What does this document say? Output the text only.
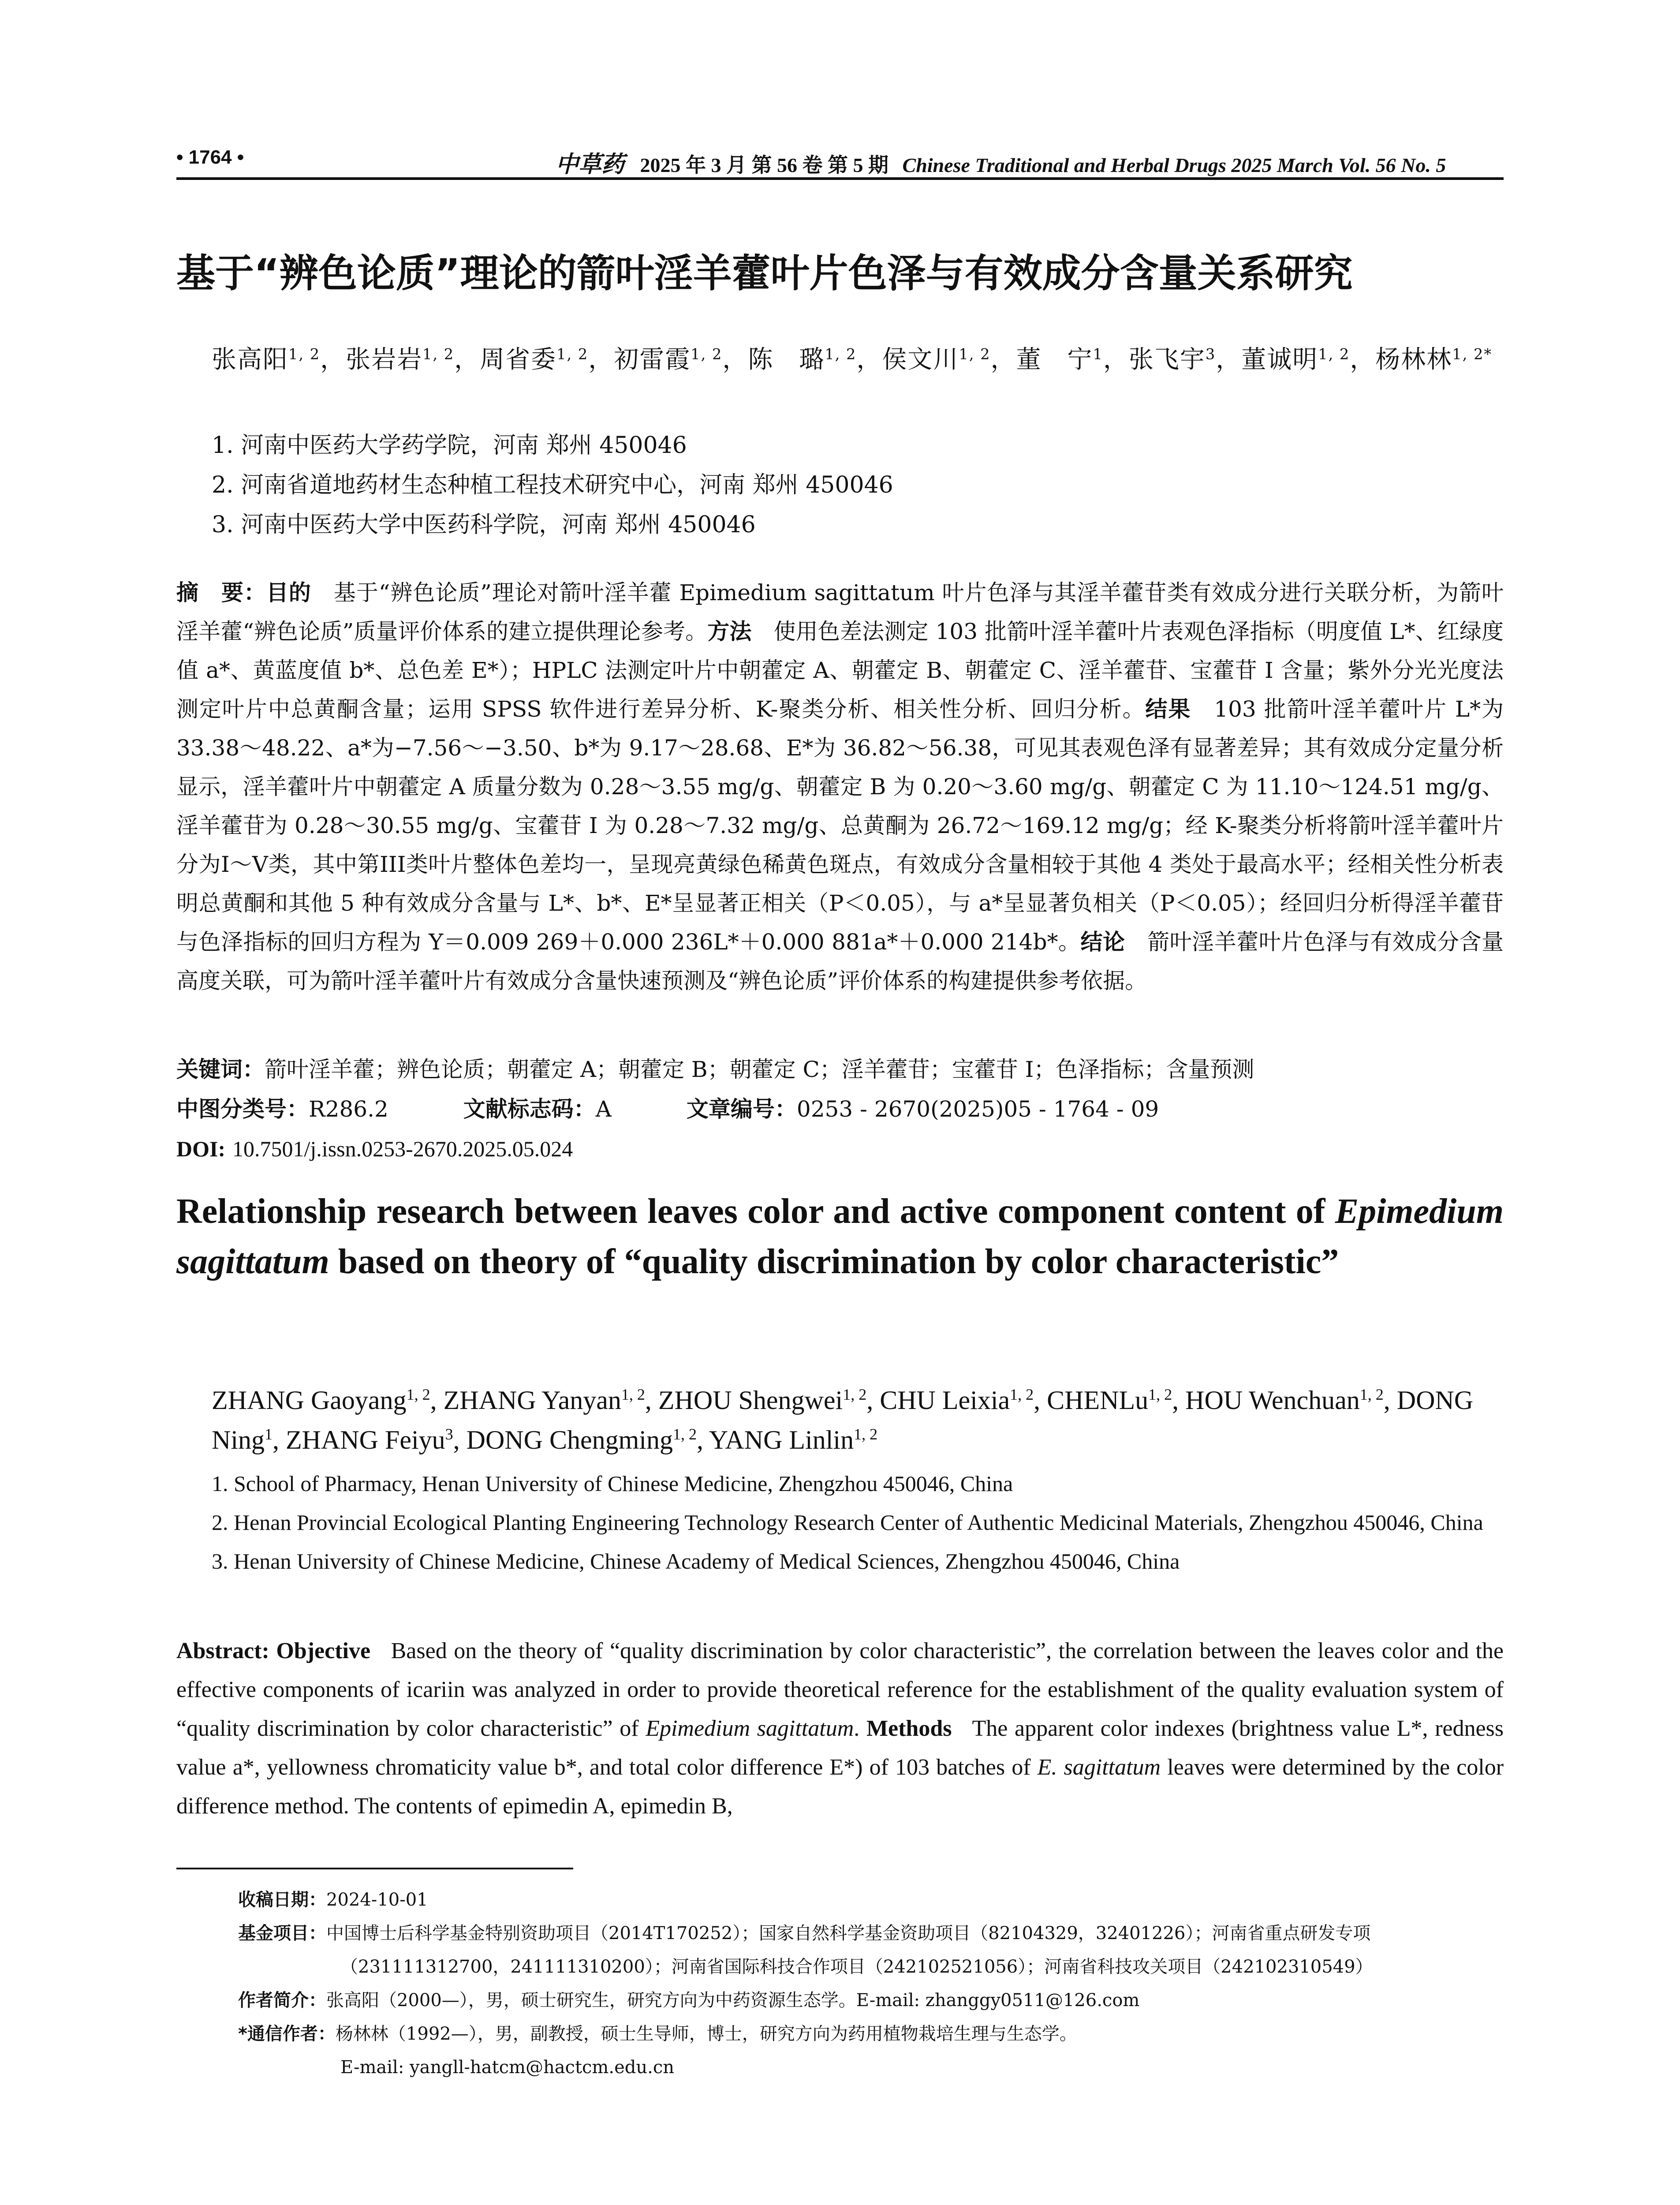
• 1764 •	中草药 2025 年 3 月 第 56 卷 第 5 期 Chinese Traditional and Herbal Drugs 2025 March Vol. 56 No. 5
基于“辨色论质”理论的箭叶淫羊藿叶片色泽与有效成分含量关系研究
张高阳$^{1, 2}$，张岩岩$^{1, 2}$，周省委$^{1, 2}$，初雷霞$^{1, 2}$，陈　璐$^{1, 2}$，侯文川$^{1, 2}$，董　宁$^1$，张飞宇$^3$，董诚明$^{1, 2}$，杨林林$^{1, 2*}$
1. 河南中医药大学药学院，河南 郑州 450046
2. 河南省道地药材生态种植工程技术研究中心，河南 郑州 450046
3. 河南中医药大学中医药科学院，河南 郑州 450046
摘　要：目的　基于“辨色论质”理论对箭叶淫羊藿 Epimedium sagittatum 叶片色泽与其淫羊藿苷类有效成分进行关联分析，为箭叶淫羊藿“辨色论质”质量评价体系的建立提供理论参考。方法　使用色差法测定 103 批箭叶淫羊藿叶片表观色泽指标（明度值 L*、红绿度值 a*、黄蓝度值 b*、总色差 E*）；HPLC 法测定叶片中朝藿定 A、朝藿定 B、朝藿定 C、淫羊藿苷、宝藿苷 I 含量；紫外分光光度法测定叶片中总黄酮含量；运用 SPSS 软件进行差异分析、K-聚类分析、相关性分析、回归分析。结果　103 批箭叶淫羊藿叶片 L*为 33.38～48.22、a*为−7.56～−3.50、b*为 9.17～28.68、E*为 36.82～56.38，可见其表观色泽有显著差异；其有效成分定量分析显示，淫羊藿叶片中朝藿定 A 质量分数为 0.28～3.55 mg/g、朝藿定 B 为 0.20～3.60 mg/g、朝藿定 C 为 11.10～124.51 mg/g、淫羊藿苷为 0.28～30.55 mg/g、宝藿苷 I 为 0.28～7.32 mg/g、总黄酮为 26.72～169.12 mg/g；经 K-聚类分析将箭叶淫羊藿叶片分为I～V类，其中第III类叶片整体色差均一，呈现亮黄绿色稀黄色斑点，有效成分含量相较于其他 4 类处于最高水平；经相关性分析表明总黄酮和其他 5 种有效成分含量与 L*、b*、E*呈显著正相关（P＜0.05），与 a*呈显著负相关（P＜0.05）；经回归分析得淫羊藿苷与色泽指标的回归方程为 Y＝0.009 269＋0.000 236L*＋0.000 881a*＋0.000 214b*。结论　箭叶淫羊藿叶片色泽与有效成分含量高度关联，可为箭叶淫羊藿叶片有效成分含量快速预测及“辨色论质”评价体系的构建提供参考依据。
关键词：箭叶淫羊藿；辨色论质；朝藿定 A；朝藿定 B；朝藿定 C；淫羊藿苷；宝藿苷 I；色泽指标；含量预测
中图分类号：R286.2	文献标志码：A	文章编号：0253 - 2670(2025)05 - 1764 - 09
DOI: 10.7501/j.issn.0253-2670.2025.05.024
Relationship research between leaves color and active component content of Epimedium sagittatum based on theory of “quality discrimination by color characteristic”
ZHANG Gaoyang$^{1, 2}$, ZHANG Yanyan$^{1, 2}$, ZHOU Shengwei$^{1, 2}$, CHU Leixia$^{1, 2}$, CHENLu$^{1, 2}$, HOU Wenchuan$^{1, 2}$, DONG Ning$^1$, ZHANG Feiyu$^3$, DONG Chengming$^{1, 2}$, YANG Linlin$^{1, 2}$
1. School of Pharmacy, Henan University of Chinese Medicine, Zhengzhou 450046, China
2. Henan Provincial Ecological Planting Engineering Technology Research Center of Authentic Medicinal Materials, Zhengzhou 450046, China
3. Henan University of Chinese Medicine, Chinese Academy of Medical Sciences, Zhengzhou 450046, China
Abstract: Objective Based on the theory of “quality discrimination by color characteristic”, the correlation between the leaves color and the effective components of icariin was analyzed in order to provide theoretical reference for the establishment of the quality evaluation system of “quality discrimination by color characteristic” of Epimedium sagittatum. Methods The apparent color indexes (brightness value L*, redness value a*, yellowness chromaticity value b*, and total color difference E*) of 103 batches of E. sagittatum leaves were determined by the color difference method. The contents of epimedin A, epimedin B,
收稿日期：2024-10-01
基金项目：中国博士后科学基金特别资助项目（2014T170252）；国家自然科学基金资助项目（82104329，32401226）；河南省重点研发专项
（231111312700，241111310200）；河南省国际科技合作项目（242102521056）；河南省科技攻关项目（242102310549）
作者简介：张高阳（2000—），男，硕士研究生，研究方向为中药资源生态学。E-mail: zhanggy0511@126.com
*通信作者：杨林林（1992—），男，副教授，硕士生导师，博士，研究方向为药用植物栽培生理与生态学。
E-mail: yangll-hatcm@hactcm.edu.cn
